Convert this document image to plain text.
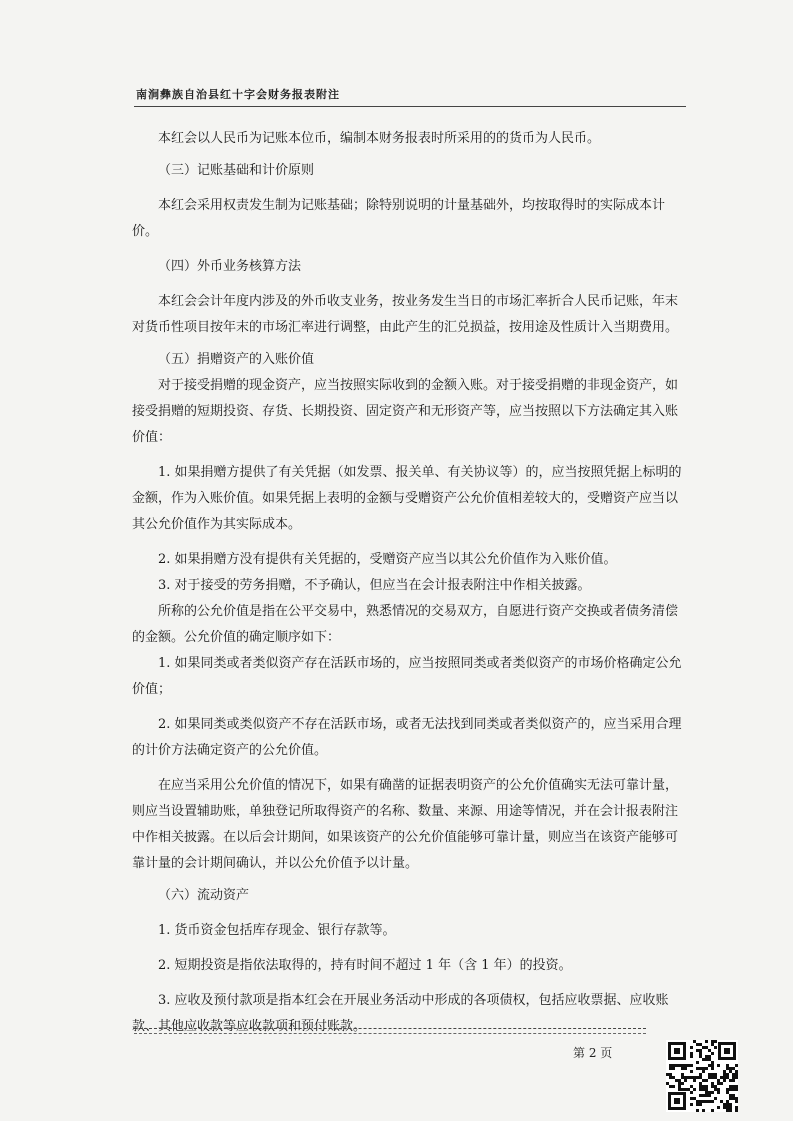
南涧彝族自治县红十字会财务报表附注

本红会以人民币为记账本位币，编制本财务报表时所采用的的货币为人民币。

（三）记账基础和计价原则

本红会采用权责发生制为记账基础；除特别说明的计量基础外，均按取得时的实际成本计价。

（四）外币业务核算方法

本红会会计年度内涉及的外币收支业务，按业务发生当日的市场汇率折合人民币记账，年末对货币性项目按年末的市场汇率进行调整，由此产生的汇兑损益，按用途及性质计入当期费用。

（五）捐赠资产的入账价值

对于接受捐赠的现金资产，应当按照实际收到的金额入账。对于接受捐赠的非现金资产，如接受捐赠的短期投资、存货、长期投资、固定资产和无形资产等，应当按照以下方法确定其入账价值：

1. 如果捐赠方提供了有关凭据（如发票、报关单、有关协议等）的，应当按照凭据上标明的金额，作为入账价值。如果凭据上表明的金额与受赠资产公允价值相差较大的，受赠资产应当以其公允价值作为其实际成本。

2. 如果捐赠方没有提供有关凭据的，受赠资产应当以其公允价值作为入账价值。

3. 对于接受的劳务捐赠，不予确认，但应当在会计报表附注中作相关披露。

所称的公允价值是指在公平交易中，熟悉情况的交易双方，自愿进行资产交换或者债务清偿的金额。公允价值的确定顺序如下：

1. 如果同类或者类似资产存在活跃市场的，应当按照同类或者类似资产的市场价格确定公允价值；

2. 如果同类或类似资产不存在活跃市场，或者无法找到同类或者类似资产的，应当采用合理的计价方法确定资产的公允价值。

在应当采用公允价值的情况下，如果有确凿的证据表明资产的公允价值确实无法可靠计量，则应当设置辅助账，单独登记所取得资产的名称、数量、来源、用途等情况，并在会计报表附注中作相关披露。在以后会计期间，如果该资产的公允价值能够可靠计量，则应当在该资产能够可靠计量的会计期间确认，并以公允价值予以计量。

（六）流动资产

1. 货币资金包括库存现金、银行存款等。

2. 短期投资是指依法取得的，持有时间不超过 1 年（含 1 年）的投资。

3. 应收及预付款项是指本红会在开展业务活动中形成的各项债权，包括应收票据、应收账款、其他应收款等应收款项和预付账款。

第 2 页
